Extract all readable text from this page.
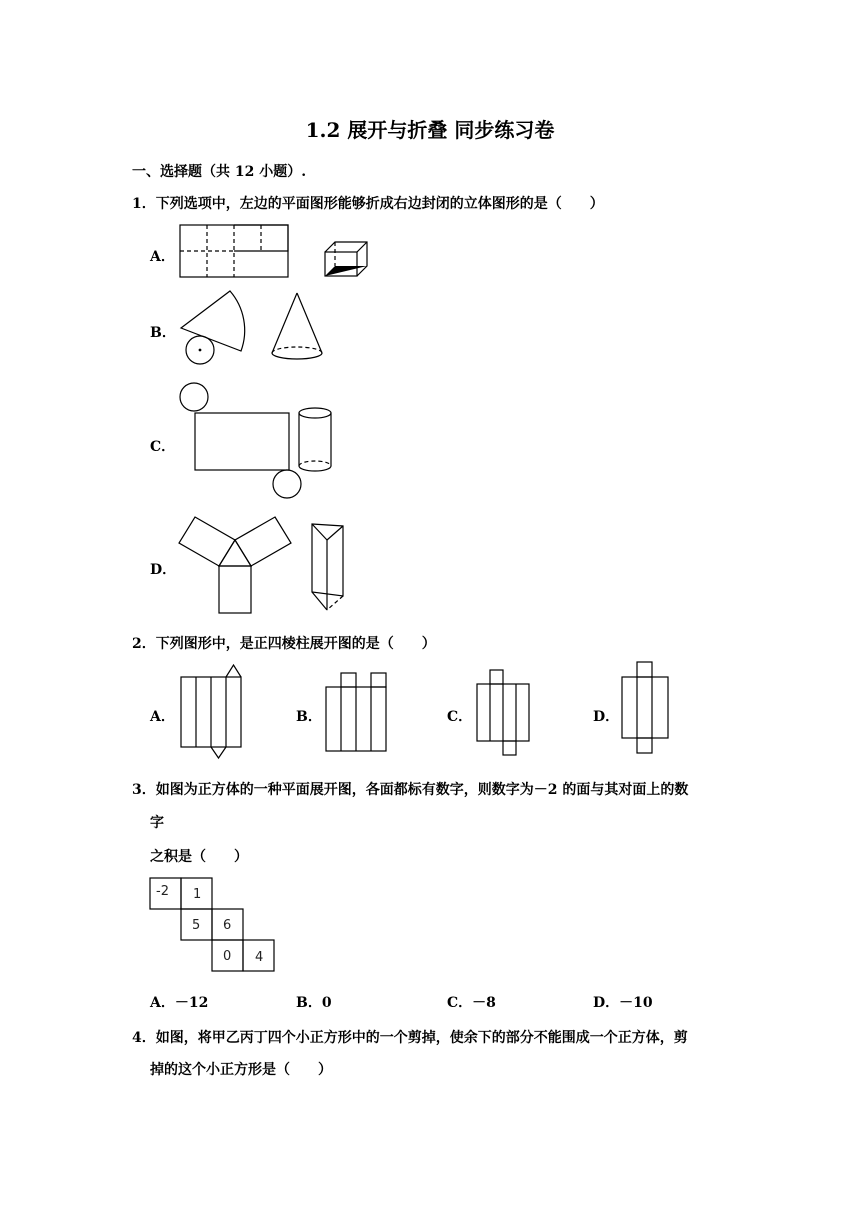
1.2 展开与折叠 同步练习卷
一、选择题（共 12 小题）.
1．下列选项中，左边的平面图形能够折成右边封闭的立体图形的是（　　）
A．
B．
C．
D．
2．下列图形中，是正四棱柱展开图的是（　　）
A．	B．	C．	D．
3．如图为正方体的一种平面展开图，各面都标有数字，则数字为－2 的面与其对面上的数
字
之积是（　　）
-2 1
5 6
0 4
A．－12	B．0	C．－8	D．－10
4．如图，将甲乙丙丁四个小正方形中的一个剪掉，使余下的部分不能围成一个正方体，剪
掉的这个小正方形是（　　）
